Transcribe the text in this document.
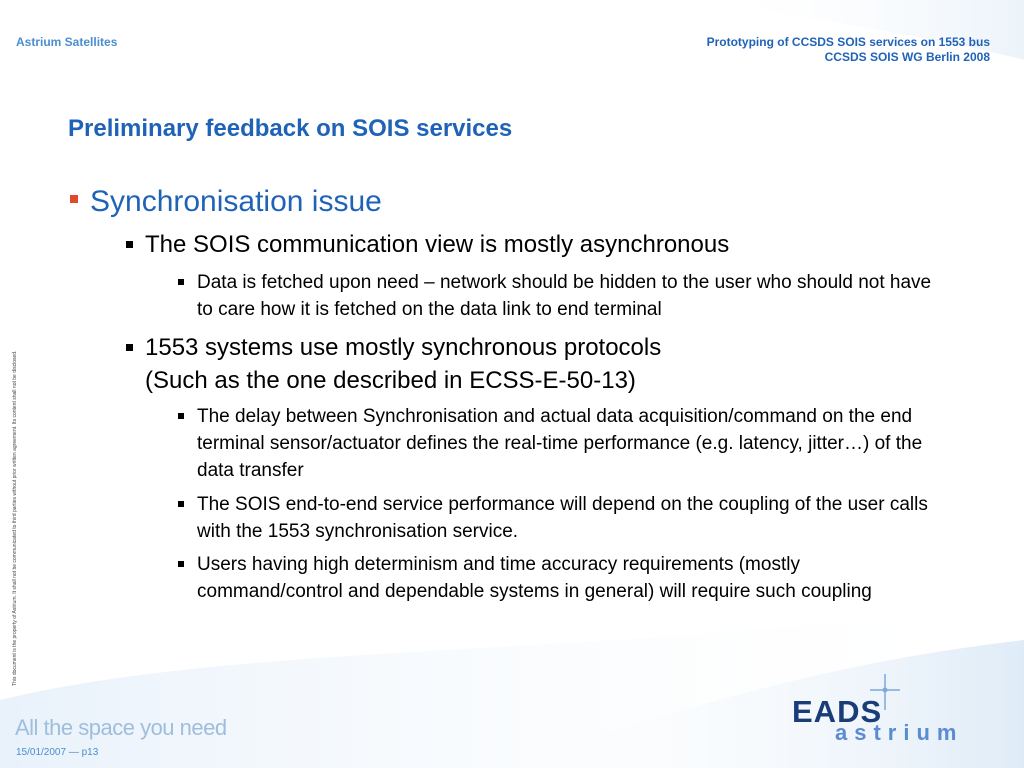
Astrium Satellites	Prototyping of CCSDS SOIS services on 1553 bus
CCSDS SOIS WG Berlin 2008
Preliminary feedback on SOIS services
Synchronisation issue
The SOIS communication view is mostly asynchronous
Data is fetched upon need – network should be hidden to the user who should not have to care how it is fetched on the data link to end terminal
1553 systems use mostly synchronous protocols
(Such as the one described in ECSS-E-50-13)
The delay between Synchronisation and actual data acquisition/command on the end terminal sensor/actuator defines the real-time performance (e.g. latency, jitter…) of the data transfer
The SOIS end-to-end service performance will depend on the coupling of the user calls with the 1553 synchronisation service.
Users having high determinism and time accuracy requirements (mostly command/control and dependable systems in general) will require such coupling
This document is the property of Astrium. It shall not be communicated to third parties without prior written agreement. Its content shall not be disclosed.
All the space you need
15/01/2007 — p13
EADS
astrium
